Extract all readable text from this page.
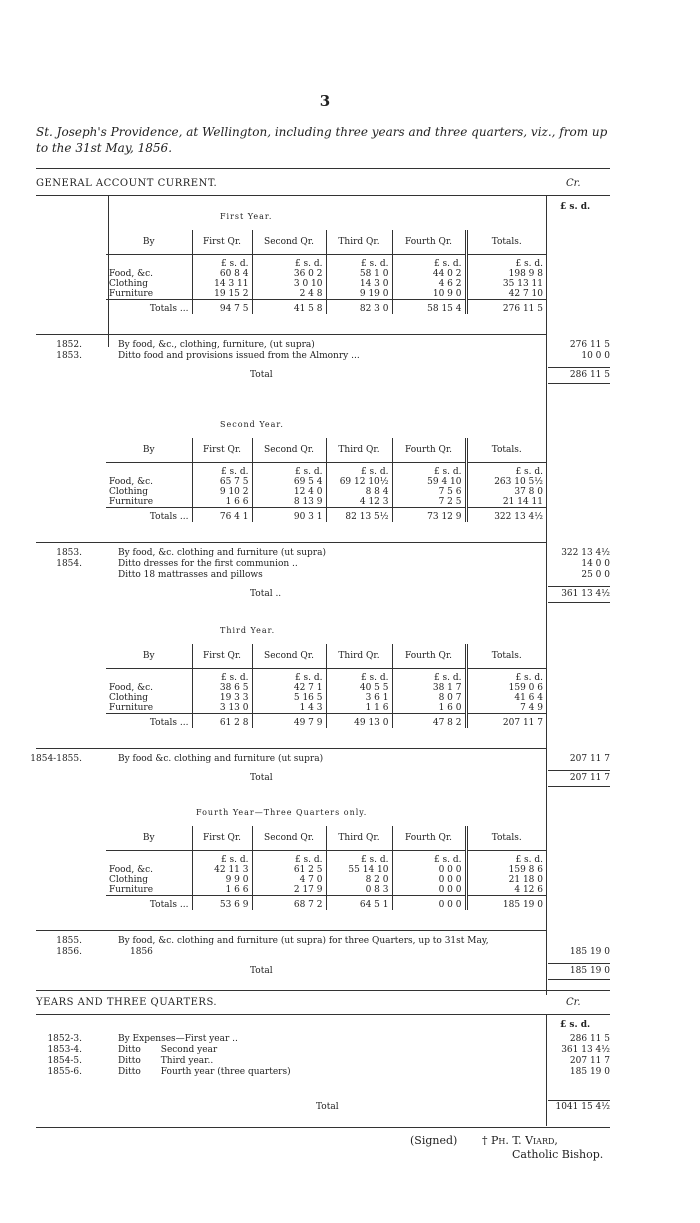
3
St. Joseph's Providence, at Wellington, including three years and three quarters, viz., from up to the 31st May, 1856.
GENERAL ACCOUNT CURRENT.	Cr.
£ s. d.
First Year.
By	First Qr.	Second Qr.	Third Qr.	Fourth Qr.	Totals.
	£ s. d.	£ s. d.	£ s. d.	£ s. d.	£ s. d.
Food, &c.	60 8 4	36 0 2	58 1 0	44 0 2	198 9 8
Clothing	14 3 11	3 0 10	14 3 0	4 6 2	35 13 11
Furniture	19 15 2	2 4 8	9 19 0	10 9 0	42 7 10
Totals ...	94 7 5	41 5 8	82 3 0	58 15 4	276 11 5
1852.	By food, &c., clothing, furniture, (ut supra)	276 11 5
1853.	Ditto food and provisions issued from the Almonry ...	10 0 0
Total	286 11 5
Second Year.
By	First Qr.	Second Qr.	Third Qr.	Fourth Qr.	Totals.
	£ s. d.	£ s. d.	£ s. d.	£ s. d.	£ s. d.
Food, &c.	65 7 5	69 5 4	69 12 10½	59 4 10	263 10 5½
Clothing	9 10 2	12 4 0	8 8 4	7 5 6	37 8 0
Furniture	1 6 6	8 13 9	4 12 3	7 2 5	21 14 11
Totals ...	76 4 1	90 3 1	82 13 5½	73 12 9	322 13 4½
1853.	By food, &c. clothing and furniture (ut supra)	322 13 4½
1854.	Ditto dresses for the first communion ..	14 0 0
Ditto 18 mattrasses and pillows	25 0 0
Total ..	361 13 4½
Third Year.
By	First Qr.	Second Qr.	Third Qr.	Fourth Qr.	Totals.
	£ s. d.	£ s. d.	£ s. d.	£ s. d.	£ s. d.
Food, &c.	38 6 5	42 7 1	40 5 5	38 1 7	159 0 6
Clothing	19 3 3	5 16 5	3 6 1	8 0 7	41 6 4
Furniture	3 13 0	1 4 3	1 1 6	1 6 0	7 4 9
Totals ...	61 2 8	49 7 9	49 13 0	47 8 2	207 11 7
1854-1855.	By food &c. clothing and furniture (ut supra)	207 11 7
Total	207 11 7
Fourth Year—Three Quarters only.
By	First Qr.	Second Qr.	Third Qr.	Fourth Qr.	Totals.
	£ s. d.	£ s. d.	£ s. d.	£ s. d.	£ s. d.
Food, &c.	42 11 3	61 2 5	55 14 10	0 0 0	159 8 6
Clothing	9 9 0	4 7 0	8 2 0	0 0 0	21 18 0
Furniture	1 6 6	2 17 9	0 8 3	0 0 0	4 12 6
Totals ...	53 6 9	68 7 2	64 5 1	0 0 0	185 19 0
1855.	By food, &c. clothing and furniture (ut supra) for three Quarters, up to 31st May,
1856.	1856	185 19 0
Total	185 19 0
YEARS AND THREE QUARTERS.	Cr.
£ s. d.
1852-3.	By Expenses—First year ..	286 11 5
1853-4.	Ditto       Second year	361 13 4½
1854-5.	Ditto       Third year..	207 11 7
1855-6.	Ditto       Fourth year (three quarters)	185 19 0
Total	1041 15 4½
(Signed) † Ph. T. Viard,
Catholic Bishop.
